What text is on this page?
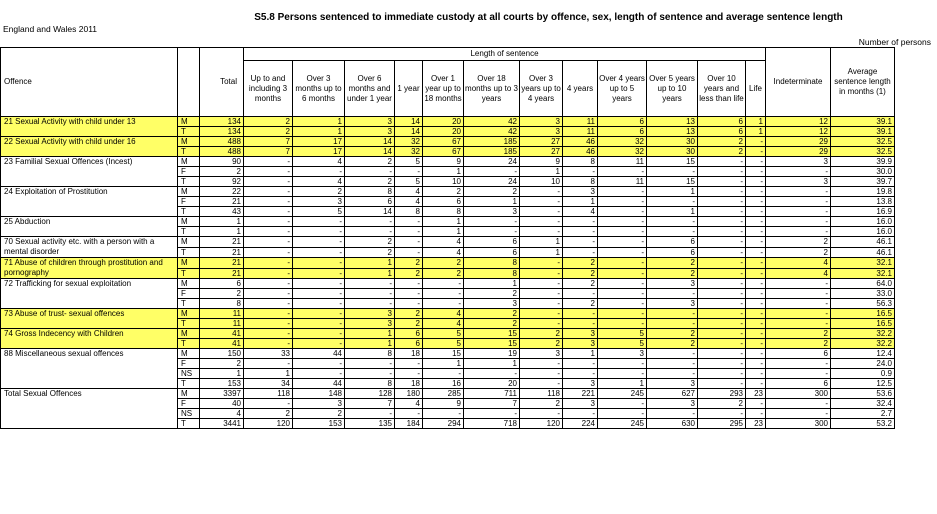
S5.8 Persons sentenced to immediate custody at all courts by offence, sex, length of sentence and average sentence length
England and Wales 2011
Number of persons
Offence		Total	Length of sentence												Indeterminate	Average sentence length in months (1)
			Up to and including 3 months	Over 3 months up to 6 months	Over 6 months and under 1 year	1 year	Over 1 year up to 18 months	Over 18 months up to 3 years	Over 3 years up to 4 years	4 years	Over 4 years up to 5 years	Over 5 years up to 10 years	Over 10 years and less than life	Life		
21 Sexual Activity with child under 13	M	134	2	1	3	14	20	42	3	11	6	13	6	1	12	39.1
	T	134	2	1	3	14	20	42	3	11	6	13	6	1	12	39.1
22 Sexual Activity with child under 16	M	488	7	17	14	32	67	185	27	46	32	30	2	-	29	32.5
	T	488	7	17	14	32	67	185	27	46	32	30	2	-	29	32.5
23 Familial Sexual Offences (Incest)	M	90	-	4	2	5	9	24	9	8	11	15	-	-	3	39.9
	F	2	-	-	-	-	1	-	1	-	-	-	-	-	-	30.0
	T	92	-	4	2	5	10	24	10	8	11	15	-	-	3	39.7
24 Exploitation of Prostitution	M	22	-	2	8	4	2	2	-	3	-	1	-	-	-	19.8
	F	21	-	3	6	4	6	1	-	1	-	-	-	-	-	13.8
	T	43	-	5	14	8	8	3	-	4	-	1	-	-	-	16.9
25 Abduction	M	1	-	-	-	-	1	-	-	-	-	-	-	-	-	16.0
	T	1	-	-	-	-	1	-	-	-	-	-	-	-	-	16.0
70 Sexual activity etc. with a person with a mental disorder	M	21	-	-	2	-	4	6	1	-	-	6	-	-	2	46.1
	T	21	-	-	2	-	4	6	1	-	-	6	-	-	2	46.1
71 Abuse of children through prostitution and pornography	M	21	-	-	1	2	2	8	-	2	-	2	-	-	4	32.1
	T	21	-	-	1	2	2	8	-	2	-	2	-	-	4	32.1
72 Trafficking for sexual exploitation	M	6	-	-	-	-	-	1	-	2	-	3	-	-	-	64.0
	F	2	-	-	-	-	-	2	-	-	-	-	-	-	-	33.0
	T	8	-	-	-	-	-	3	-	2	-	3	-	-	-	56.3
73 Abuse of trust- sexual offences	M	11	-	-	3	2	4	2	-	-	-	-	-	-	-	16.5
	T	11	-	-	3	2	4	2	-	-	-	-	-	-	-	16.5
74 Gross Indecency with Children	M	41	-	-	1	6	5	15	2	3	5	2	-	-	2	32.2
	T	41	-	-	1	6	5	15	2	3	5	2	-	-	2	32.2
88 Miscellaneous sexual offences	M	150	33	44	8	18	15	19	3	1	3	-	-	-	6	12.4
	F	2	-	-	-	-	1	1	-	-	-	-	-	-	-	24.0
	NS	1	1	-	-	-	-	-	-	-	-	-	-	-	-	0.9
	T	153	34	44	8	18	16	20	-	3	1	3	-	-	6	12.5
Total Sexual Offences	M	3397	118	148	128	180	285	711	118	221	245	627	293	23	300	53.6
	F	40	-	3	7	4	9	7	2	3	-	3	2	-	-	32.4
	NS	4	2	2	-	-	-	-	-	-	-	-	-	-	-	2.7
	T	3441	120	153	135	184	294	718	120	224	245	630	295	23	300	53.2
